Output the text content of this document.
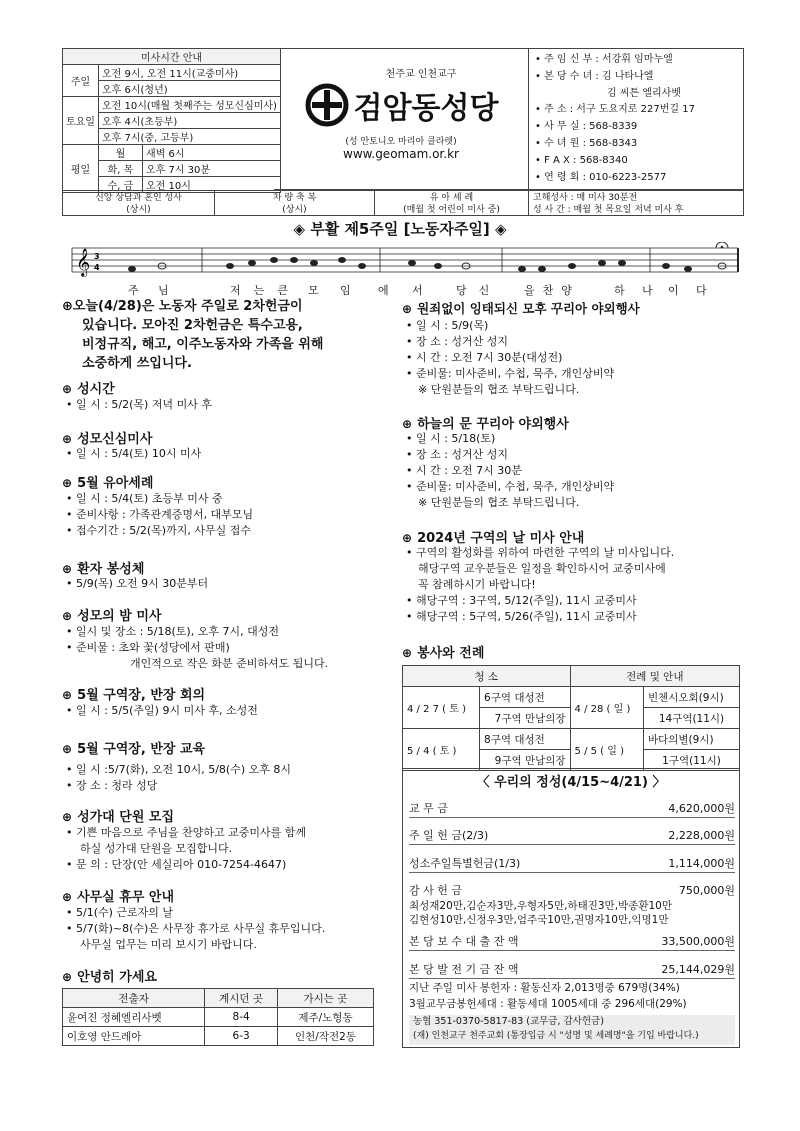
미사시간 안내		
주일	오전 9시, 오전 11시(교중미사)	
	오후 6시(청년)	
토요일	오전 10시(매월 첫째주는 성모신심미사)	
	오후 4시(초등부)	
	오후 7시(중, 고등부)	
평일	월	새벽 6시
	화, 목	오후 7시 30분
	수, 금	오전 10시
천주교 인천교구
검암동성당
(성 안토니오 마리아 클라렛)
www.geomam.or.kr
• 주 임 신 부 : 서강휘 임마누엘
• 본 당 수 녀 : 김 나타나엘
김 씨튼 엘리사벳
• 주 소 : 서구 도요지로 227번길 17
• 사 무 실 : 568-8339
• 수 녀 원 : 568-8343
• F A X : 568-8340
• 연 령 회 : 010-6223-2577
신앙 상담과 혼인 성사
(상시)
차 량 축 복
(상시)
유 아 세 례
(매월 첫 어린이 미사 중)
고해성사 : 매 미사 30분전
성 사 간 : 매월 첫 목요일 저녁 미사 후
◈ 부활 제5주일 [노동자주일] ◈
𝄞 3
4
주 님	저는큰 모 임 에 서	당신 을찬양	하 나 이 다
⊕오늘(4/28)은 노동자 주일로 2차헌금이
있습니다. 모아진 2차헌금은 특수고용,
비정규직, 해고, 이주노동자와 가족을 위해
소중하게 쓰입니다.
⊕ 성시간
• 일 시 : 5/2(목) 저녁 미사 후
⊕ 성모신심미사
• 일 시 : 5/4(토) 10시 미사
⊕ 5월 유아세례
• 일 시 : 5/4(토) 초등부 미사 중
• 준비사항 : 가족관계증명서, 대부모님
• 접수기간 : 5/2(목)까지, 사무실 접수
⊕ 환자 봉성체
• 5/9(목) 오전 9시 30분부터
⊕ 성모의 밤 미사
• 일시 및 장소 : 5/18(토), 오후 7시, 대성전
• 준비물 : 초와 꽃(성당에서 판매)
개인적으로 작은 화분 준비하셔도 됩니다.
⊕ 5월 구역장, 반장 회의
• 일 시 : 5/5(주일) 9시 미사 후, 소성전
⊕ 5월 구역장, 반장 교육
• 일 시 :5/7(화), 오전 10시, 5/8(수) 오후 8시
• 장 소 : 청라 성당
⊕ 성가대 단원 모집
• 기쁜 마음으로 주님을 찬양하고 교중미사를 함께
하실 성가대 단원을 모집합니다.
• 문 의 : 단장(안 세실리아 010-7254-4647)
⊕ 사무실 휴무 안내
• 5/1(수) 근로자의 날
• 5/7(화)~8(수)은 사무장 휴가로 사무실 휴무입니다.
사무실 업무는 미리 보시기 바랍니다.
⊕ 안녕히 가세요
전출자	계시던 곳	가시는 곳
윤여진 정혜엘리사벳	8-4	제주/노형동
이호영 안드레아	6-3	인천/작전2동
⊕ 원죄없이 잉태되신 모후 꾸리아 야외행사
• 일 시 : 5/9(목)
• 장 소 : 성거산 성지
• 시 간 : 오전 7시 30분(대성전)
• 준비물: 미사준비, 수첩, 묵주, 개인상비약
※ 단원분들의 협조 부탁드립니다.
⊕ 하늘의 문 꾸리아 야외행사
• 일 시 : 5/18(토)
• 장 소 : 성거산 성지
• 시 간 : 오전 7시 30분
• 준비물: 미사준비, 수첩, 묵주, 개인상비약
※ 단원분들의 협조 부탁드립니다.
⊕ 2024년 구역의 날 미사 안내
• 구역의 활성화를 위하여 마련한 구역의 날 미사입니다.
해당구역 교우분들은 일정을 확인하시어 교중미사에
꼭 참례하시기 바랍니다!
• 해당구역 : 3구역, 5/12(주일), 11시 교중미사
• 해당구역 : 5구역, 5/26(주일), 11시 교중미사
⊕ 봉사와 전례
청 소		전례 및 안내	
4 / 2 7 ( 토 )	6구역 대성전	4 / 28 ( 일 )	빈첸시오회(9시)
	7구역 만남의장		14구역(11시)
5 / 4 ( 토 )	8구역 대성전	5 / 5 ( 일 )	바다의별(9시)
	9구역 만남의장		1구역(11시)
〈 우리의 정성(4/15~4/21) 〉
교 무 금	4,620,000원
주 일 헌 금(2/3)	2,228,000원
성소주일특별헌금(1/3)	1,114,000원
감 사 헌 금	750,000원
최성재20만,김순자3만,우형자5만,하태진3만,박종환10만
김현성10만,신정우3만,엄주국10만,권명자10만,익명1만
본 당 보 수 대 출 잔 액	33,500,000원
본 당 발 전 기 금 잔 액	25,144,029원
지난 주일 미사 봉헌자 : 활동신자 2,013명중 679명(34%)
3월교무금봉헌세대 : 활동세대 1005세대 중 296세대(29%)
농협 351-0370-5817-83 (교무금, 감사헌금)
(재) 인천교구 천주교회 (통장입금 시 "성명 및 세례명"을 기입 바랍니다.)
